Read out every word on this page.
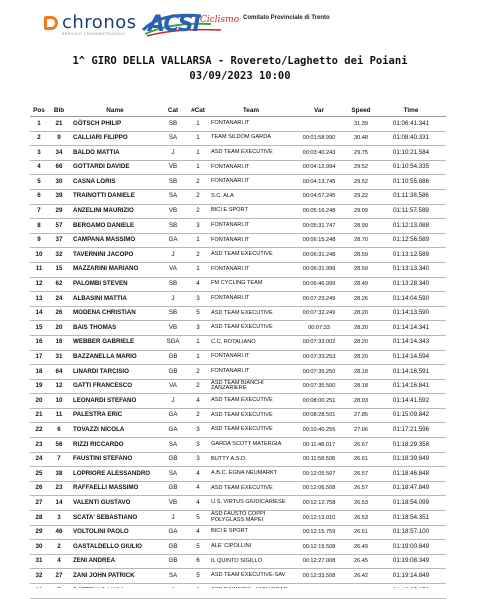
chronos
SERVIZIO CRONOMETRAGGIO ACSI Ciclismo Comitato Provinciale di Trento
1^ GIRO DELLA VALLARSA - Rovereto/Laghetto dei Poiani
03/09/2023 10:00
Pos	Bib	Name	Cat	#Cat	Team	Var	Speed	Time
1	21	GÖTSCH PHILIP	SB	1	FONTANARI.IT		31.39	01:06:41.341
2	9	CALLIARI FILIPPO	SA	1	TEAM SILDOM GARDA	00:01:58.990	30.48	01:08:40.331
3	34	BALDO MATTIA	J	1	ASD TEAM EXECUTIVE	00:03:40.243	29.75	01:10:21.584
4	66	GOTTARDI DAVIDE	VB	1	FONTANARI.IT	00:04:12.994	29.52	01:10:54.335
5	30	CASNA LORIS	SB	2	FONTANARI.IT	00:04:13.745	29.52	01:10:55.086
6	39	TRAINOTTI DANIELE	SA	2	S.C. ALA	00:04:57.245	29.22	01:11:38.586
7	29	ANZELINI MAURIZIO	VB	2	BICI E SPORT	00:05:16.248	29.09	01:11:57.589
8	57	BERGAMO DANIELE	SB	3	FONTANARI.IT	00:05:31.747	28.99	01:12:13.088
9	37	CAMPANA MASSIMO	GA	1	FONTANARI.IT	00:06:15.248	28.70	01:12:56.589
10	32	TAVERNINI JACOPO	J	2	ASD TEAM EXECUTIVE	00:06:31.248	28.59	01:13:12.589
11	15	MAZZARINI MARIANO	VA	1	FONTANARI.IT	00:06:31.999	28.59	01:13:13.340
12	62	PALOMBI STEVEN	SB	4	FM CYCLING TEAM	00:06:46.999	28.49	01:13:28.340
13	24	ALBASINI MATTIA	J	3	FONTANARI.IT	00:07:23.249	28.26	01:14:04.590
14	26	MODENA CHRISTIAN	SB	5	ASD TEAM EXECUTIVE	00:07:32.249	28.20	01:14:13.590
15	20	BAIS THOMAS	VB	3	ASD TEAM EXECUTIVE	00:07:33	28.20	01:14:14.341
16	16	WEBBER GABRIELE	SGA	1	C.C. ROTALIANO	00:07:33.002	28.20	01:14:14.343
17	31	BAZZANELLA MARIO	GB	1	FONTANARI.IT	00:07:33.253	28.20	01:14:14.594
18	64	LINARDI TARCISIO	GB	2	FONTANARI.IT	00:07:35.250	28.18	01:14:16.591
19	12	GATTI FRANCESCO	VA	2	ASD TEAM BIANCHI ZANZARIERE	00:07:35.500	28.18	01:14:16.841
20	10	LEONARDI STEFANO	J	4	ASD TEAM EXECUTIVE	00:08:00.251	28.03	01:14:41.592
21	11	PALESTRA ERIC	GA	2	ASD TEAM EXECUTIVE	00:08:28.501	27.85	01:15:09.842
22	6	TOVAZZI NICOLA	GA	3	ASD TEAM EXECUTIVE	00:10:40.255	27.06	01:17:21.596
23	56	RIZZI RICCARDO	SA	3	GARDA SCOTT MATERGIA	00:11:48.017	26.67	01:18:29.358
24	7	FAUSTINI STEFANO	GB	3	BUTTY A.S.D.	00:11:58.508	26.61	01:18:39.849
25	38	LOPRIORE ALESSANDRO	SA	4	A.B.C. EGNA NEUMARKT	00:12:05.507	26.57	01:18:46.848
26	23	RAFFAELLI MASSIMO	GB	4	ASD TEAM EXECUTIVE	00:12:06.508	26.57	01:18:47.849
27	14	VALENTI GUSTAVO	VB	4	U.S. VIRTUS GIUDICARIESE	00:12:12.758	26.53	01:18:54.099
28	3	SCATA' SEBASTIANO	J	5	ASD FAUSTO COPPI POLYGLASS MAPEI	00:12:13.010	26.53	01:18:54.351
29	46	VOLTOLINI PAOLO	GA	4	BICI E SPORT	00:12:15.759	26.51	01:18:57.100
30	2	GASTALDELLO GIULIO	GB	5	ALE' CIPOLLINI	00:12:19.508	26.49	01:19:00.849
31	4	ZENI ANDREA	GB	6	IL QUINTO SIGILLO	00:12:27.008	26.45	01:19:08.349
32	27	ZANI JOHN PATRICK	SA	5	ASD TEAM EXECUTIVE-SAV	00:12:33.508	26.42	01:19:14.849
